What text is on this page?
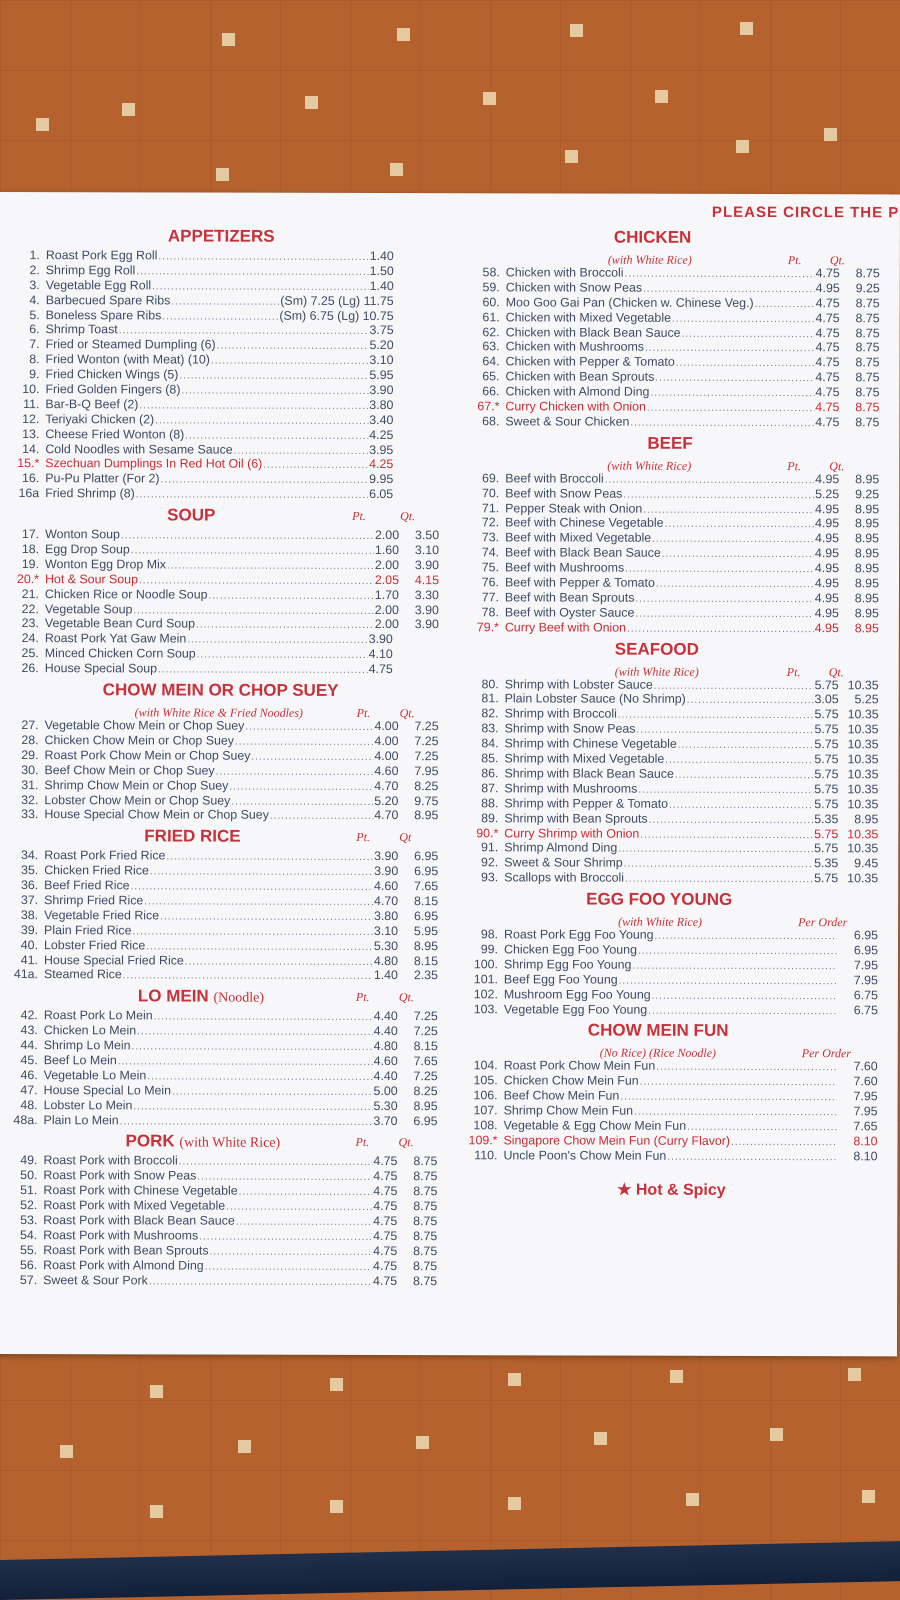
PLEASE CIRCLE THE P
APPETIZERS
1. Roast Pork Egg Roll .....	1.40
2. Shrimp Egg Roll .....	1.50
3. Vegetable Egg Roll .....	1.40
4. Barbecued Spare Ribs .....	(Sm) 7.25 (Lg) 11.75
5. Boneless Spare Ribs .....	(Sm) 6.75 (Lg) 10.75
6. Shrimp Toast .....	3.75
7. Fried or Steamed Dumpling (6) .....	5.20
8. Fried Wonton (with Meat) (10) .....	3.10
9. Fried Chicken Wings (5) .....	5.95
10. Fried Golden Fingers (8) .....	3.90
11. Bar-B-Q Beef (2) .....	3.80
12. Teriyaki Chicken (2) .....	3.40
13. Cheese Fried Wonton (8) .....	4.25
14. Cold Noodles with Sesame Sauce .....	3.95
15.* Szechuan Dumplings In Red Hot Oil (6) .....	4.25
16. Pu-Pu Platter (For 2) .....	9.95
16a Fried Shrimp (8) .....	6.05
SOUP	Pt.	Qt.
17. Wonton Soup .....	2.00	3.50
18. Egg Drop Soup .....	1.60	3.10
19. Wonton Egg Drop Mix .....	2.00	3.90
20.* Hot & Sour Soup .....	2.05	4.15
21. Chicken Rice or Noodle Soup .....	1.70	3.30
22. Vegetable Soup .....	2.00	3.90
23. Vegetable Bean Curd Soup .....	2.00	3.90
24. Roast Pork Yat Gaw Mein .....	3.90
25. Minced Chicken Corn Soup .....	4.10
26. House Special Soup .....	4.75
CHOW MEIN OR CHOP SUEY
(with White Rice & Fried Noodles)	Pt. Qt.
27. Vegetable Chow Mein or Chop Suey .....	4.00	7.25
28. Chicken Chow Mein or Chop Suey .....	4.00	7.25
29. Roast Pork Chow Mein or Chop Suey .....	4.00	7.25
30. Beef Chow Mein or Chop Suey .....	4.60	7.95
31. Shrimp Chow Mein or Chop Suey .....	4.70	8.25
32. Lobster Chow Mein or Chop Suey .....	5.20	9.75
33. House Special Chow Mein or Chop Suey .....	4.70	8.95
FRIED RICE	Pt. Qt
34. Roast Pork Fried Rice .....	3.90	6.95
35. Chicken Fried Rice .....	3.90	6.95
36. Beef Fried Rice .....	4.60	7.65
37. Shrimp Fried Rice .....	4.70	8.15
38. Vegetable Fried Rice .....	3.80	6.95
39. Plain Fried Rice .....	3.10	5.95
40. Lobster Fried Rice .....	5.30	8.95
41. House Special Fried Rice .....	4.80	8.15
41a. Steamed Rice .....	1.40	2.35
LO MEIN (Noodle)	Pt. Qt.
42. Roast Pork Lo Mein .....	4.40	7.25
43. Chicken Lo Mein .....	4.40	7.25
44. Shrimp Lo Mein .....	4.80	8.15
45. Beef Lo Mein .....	4.60	7.65
46. Vegetable Lo Mein .....	4.40	7.25
47. House Special Lo Mein .....	5.00	8.25
48. Lobster Lo Mein .....	5.30	8.95
48a. Plain Lo Mein .....	3.70	6.95
PORK (with White Rice)	Pt. Qt.
49. Roast Pork with Broccoli .....	4.75	8.75
50. Roast Pork with Snow Peas .....	4.75	8.75
51. Roast Pork with Chinese Vegetable .....	4.75	8.75
52. Roast Pork with Mixed Vegetable .....	4.75	8.75
53. Roast Pork with Black Bean Sauce .....	4.75	8.75
54. Roast Pork with Mushrooms .....	4.75	8.75
55. Roast Pork with Bean Sprouts .....	4.75	8.75
56. Roast Pork with Almond Ding .....	4.75	8.75
57. Sweet & Sour Pork .....	4.75	8.75
CHICKEN
(with White Rice)	Pt. Qt.
58. Chicken with Broccoli .....	4.75	8.75
59. Chicken with Snow Peas .....	4.95	9.25
60. Moo Goo Gai Pan (Chicken w. Chinese Veg.) .....	4.75	8.75
61. Chicken with Mixed Vegetable .....	4.75	8.75
62. Chicken with Black Bean Sauce .....	4.75	8.75
63. Chicken with Mushrooms .....	4.75	8.75
64. Chicken with Pepper & Tomato .....	4.75	8.75
65. Chicken with Bean Sprouts .....	4.75	8.75
66. Chicken with Almond Ding .....	4.75	8.75
67.* Curry Chicken with Onion .....	4.75	8.75
68. Sweet & Sour Chicken .....	4.75	8.75
BEEF
(with White Rice)	Pt. Qt.
69. Beef with Broccoli .....	4.95	8.95
70. Beef with Snow Peas .....	5.25	9.25
71. Pepper Steak with Onion .....	4.95	8.95
72. Beef with Chinese Vegetable .....	4.95	8.95
73. Beef with Mixed Vegetable .....	4.95	8.95
74. Beef with Black Bean Sauce .....	4.95	8.95
75. Beef with Mushrooms .....	4.95	8.95
76. Beef with Pepper & Tomato .....	4.95	8.95
77. Beef with Bean Sprouts .....	4.95	8.95
78. Beef with Oyster Sauce .....	4.95	8.95
79.* Curry Beef with Onion .....	4.95	8.95
SEAFOOD
(with White Rice)	Pt. Qt.
80. Shrimp with Lobster Sauce .....	5.75 10.35
81. Plain Lobster Sauce (No Shrimp) .....	3.05	5.25
82. Shrimp with Broccoli .....	5.75 10.35
83. Shrimp with Snow Peas .....	5.75 10.35
84. Shrimp with Chinese Vegetable .....	5.75 10.35
85. Shrimp with Mixed Vegetable .....	5.75 10.35
86. Shrimp with Black Bean Sauce .....	5.75 10.35
87. Shrimp with Mushrooms .....	5.75 10.35
88. Shrimp with Pepper & Tomato .....	5.75 10.35
89. Shrimp with Bean Sprouts .....	5.35	8.95
90.* Curry Shrimp with Onion .....	5.75 10.35
91. Shrimp Almond Ding .....	5.75 10.35
92. Sweet & Sour Shrimp .....	5.35	9.45
93. Scallops with Broccoli .....	5.75 10.35
EGG FOO YOUNG
(with White Rice)	Per Order
98. Roast Pork Egg Foo Young .....	6.95
99. Chicken Egg Foo Young .....	6.95
100. Shrimp Egg Foo Young .....	7.95
101. Beef Egg Foo Young .....	7.95
102. Mushroom Egg Foo Young .....	6.75
103. Vegetable Egg Foo Young .....	6.75
CHOW MEIN FUN
(No Rice) (Rice Noodle)	Per Order
104. Roast Pork Chow Mein Fun .....	7.60
105. Chicken Chow Mein Fun .....	7.60
106. Beef Chow Mein Fun .....	7.95
107. Shrimp Chow Mein Fun .....	7.95
108. Vegetable & Egg Chow Mein Fun .....	7.65
109.* Singapore Chow Mein Fun (Curry Flavor) .....	8.10
110. Uncle Poon's Chow Mein Fun .....	8.10
★ Hot & Spicy
